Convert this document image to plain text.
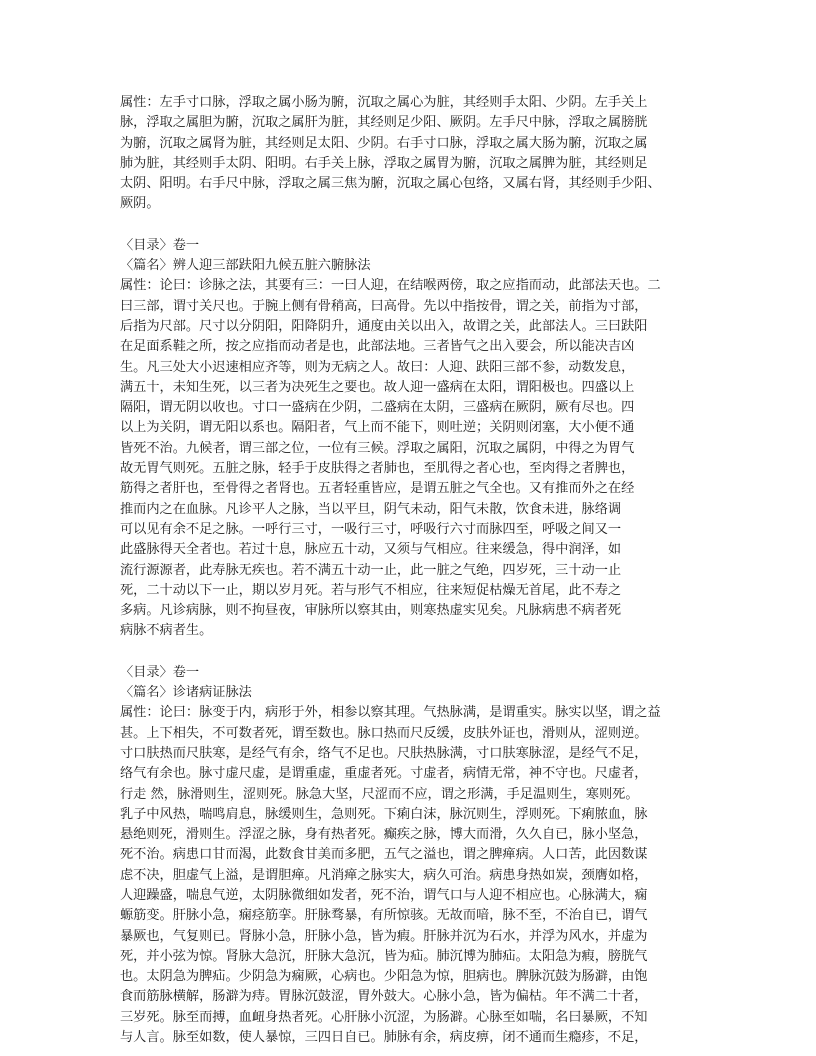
属性：左手寸口脉，浮取之属小肠为腑，沉取之属心为脏，其经则手太阳、少阴。左手关上
脉，浮取之属胆为腑，沉取之属肝为脏，其经则足少阳、厥阴。左手尺中脉，浮取之属膀胱
为腑，沉取之属肾为脏，其经则足太阳、少阴。右手寸口脉，浮取之属大肠为腑，沉取之属
肺为脏，其经则手太阴、阳明。右手关上脉，浮取之属胃为腑，沉取之属脾为脏，其经则足
太阴、阳明。右手尺中脉，浮取之属三焦为腑，沉取之属心包络，又属右肾，其经则手少阳、
厥阴。
〈目录〉卷一
〈篇名〉辨人迎三部趺阳九候五脏六腑脉法
属性：论曰：诊脉之法，其要有三：一曰人迎，在结喉两傍，取之应指而动，此部法天也。二
曰三部，谓寸关尺也。于腕上侧有骨稍高，曰高骨。先以中指按骨，谓之关，前指为寸部，
后指为尺部。尺寸以分阴阳，阳降阴升，通度由关以出入，故谓之关，此部法人。三曰趺阳
在足面系鞋之所，按之应指而动者是也，此部法地。三者皆气之出入要会，所以能决吉凶
生。凡三处大小迟速相应齐等，则为无病之人。故曰：人迎、趺阳三部不参，动数发息，
满五十，未知生死，以三者为决死生之要也。故人迎一盛病在太阳，谓阳极也。四盛以上
隔阳，谓无阴以收也。寸口一盛病在少阴，二盛病在太阴，三盛病在厥阴，厥有尽也。四
以上为关阴，谓无阳以系也。隔阳者，气上而不能下，则吐逆；关阴则闭塞，大小便不通
皆死不治。九候者，谓三部之位，一位有三候。浮取之属阳，沉取之属阴，中得之为胃气
故无胃气则死。五脏之脉，轻手于皮肤得之者肺也，至肌得之者心也，至肉得之者脾也，
筋得之者肝也，至骨得之者肾也。五者轻重皆应，是谓五脏之气全也。又有推而外之在经
推而内之在血脉。凡诊平人之脉，当以平旦，阴气未动，阳气未散，饮食未进，脉络调
可以见有余不足之脉。一呼行三寸，一吸行三寸，呼吸行六寸而脉四至，呼吸之间又一
此盛脉得天全者也。若过十息，脉应五十动，又须与气相应。往来缓急，得中润泽，如
流行源源者，此寿脉无疾也。若不满五十动一止，此一脏之气绝，四岁死，三十动一止
死，二十动以下一止，期以岁月死。若与形气不相应，往来短促枯燥无首尾，此不寿之
多病。凡诊病脉，则不拘昼夜，审脉所以察其由，则寒热虚实见矣。凡脉病患不病者死
病脉不病者生。
〈目录〉卷一
〈篇名〉诊诸病证脉法
属性：论曰：脉变于内，病形于外，相参以察其理。气热脉满，是谓重实。脉实以坚，谓之益
甚。上下相失，不可数者死，谓至数也。脉口热而尺反缓，皮肤外证也，滑则从，涩则逆。
寸口肤热而尺肤寒，是经气有余，络气不足也。尺肤热脉满，寸口肤寒脉涩，是经气不足，
络气有余也。脉寸虚尺虚，是谓重虚，重虚者死。寸虚者，病情无常，神不守也。尺虚者，
行走 然，脉滑则生，涩则死。脉急大坚，尺涩而不应，谓之形满，手足温则生，寒则死。
乳子中风热，喘鸣肩息，脉缓则生，急则死。下痢白沫，脉沉则生，浮则死。下痢脓血，脉
悬绝则死，滑则生。浮涩之脉，身有热者死。癫疾之脉，博大而滑，久久自已，脉小坚急，
死不治。病患口甘而渴，此数食甘美而多肥，五气之溢也，谓之脾瘅病。人口苦，此因数谋
虑不决，胆虚气上溢，是谓胆瘅。凡消瘅之脉实大，病久可治。病患身热如炭，颈膺如格，
人迎躁盛，喘息气逆，太阴脉微细如发者，死不治，谓气口与人迎不相应也。心脉满大，痫
螈筋变。肝脉小急，痫痉筋挛。肝脉骛暴，有所惊骇。无故而喑，脉不至，不治自已，谓气
暴厥也，气复则已。肾脉小急，肝脉小急，皆为瘕。肝脉并沉为石水，并浮为风水，并虚为
死，并小弦为惊。肾脉大急沉，肝脉大急沉，皆为疝。肺沉博为肺疝。太阳急为瘕，膀胱气
也。太阴急为脾疝。少阴急为痫厥，心病也。少阳急为惊，胆病也。脾脉沉鼓为肠澼，由饱
食而筋脉横解，肠澼为痔。胃脉沉鼓涩，胃外鼓大。心脉小急，皆为偏枯。年不满二十者，
三岁死。脉至而搏，血衄身热者死。心肝脉小沉涩，为肠澼。心脉至如喘，名曰暴厥，不知
与人言。脉至如数，使人暴惊，三四日自已。肺脉有余，病皮痹，闭不通而生瘾疹，不足，
